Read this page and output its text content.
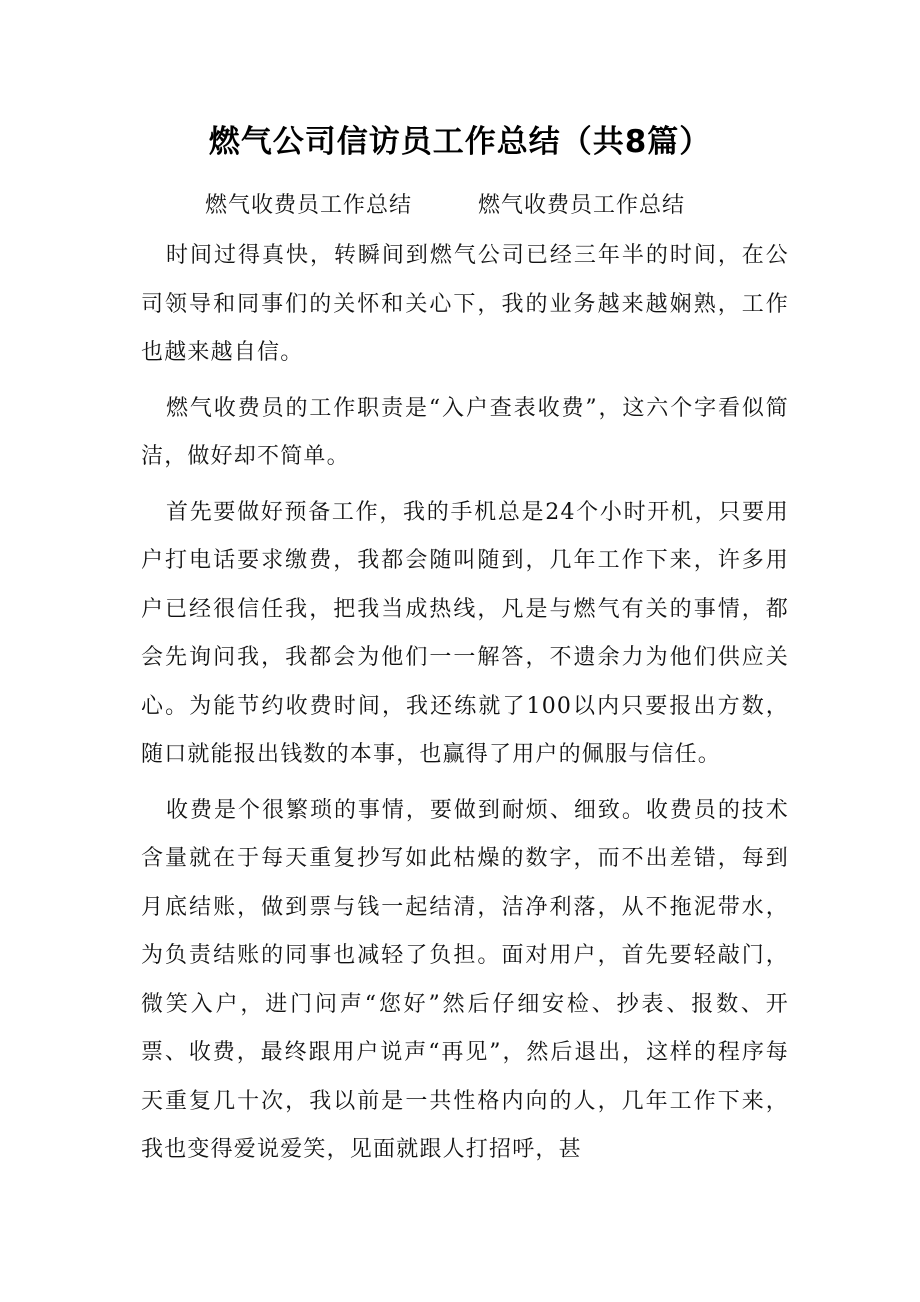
燃气公司信访员工作总结（共8篇）
燃气收费员工作总结	燃气收费员工作总结

时间过得真快，转瞬间到燃气公司已经三年半的时间，在公司领导和同事们的关怀和关心下，我的业务越来越娴熟，工作也越来越自信。

燃气收费员的工作职责是“入户查表收费”，这六个字看似简洁，做好却不简单。

首先要做好预备工作，我的手机总是24个小时开机，只要用户打电话要求缴费，我都会随叫随到，几年工作下来，许多用户已经很信任我，把我当成热线，凡是与燃气有关的事情，都会先询问我，我都会为他们一一解答，不遗余力为他们供应关心。为能节约收费时间，我还练就了100以内只要报出方数，随口就能报出钱数的本事，也赢得了用户的佩服与信任。

收费是个很繁琐的事情，要做到耐烦、细致。收费员的技术含量就在于每天重复抄写如此枯燥的数字，而不出差错，每到月底结账，做到票与钱一起结清，洁净利落，从不拖泥带水，为负责结账的同事也减轻了负担。面对用户，首先要轻敲门，微笑入户，进门问声“您好”然后仔细安检、抄表、报数、开票、收费，最终跟用户说声“再见”，然后退出，这样的程序每天重复几十次，我以前是一共性格内向的人，几年工作下来，我也变得爱说爱笑，见面就跟人打招呼，甚
